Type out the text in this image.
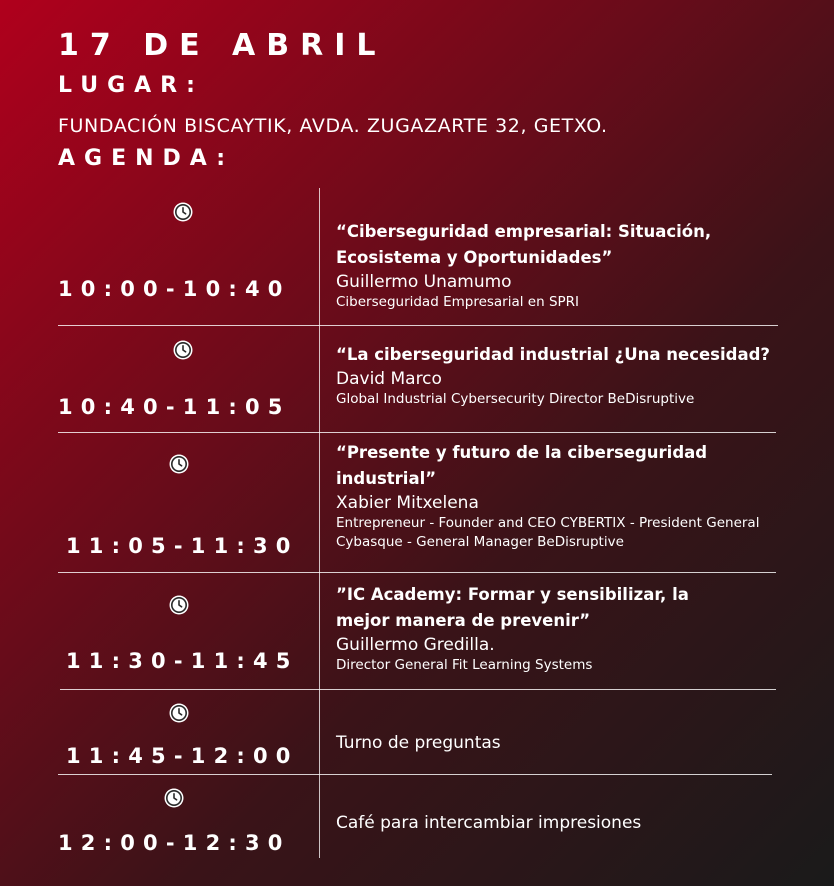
17 DE ABRIL
LUGAR:
FUNDACIÓN BISCAYTIK, AVDA. ZUGAZARTE 32, GETXO.
AGENDA:
10:00-10:40
“Ciberseguridad empresarial: Situación, Ecosistema y Oportunidades”
Guillermo Unamumo
Ciberseguridad Empresarial en SPRI
10:40-11:05
“La ciberseguridad industrial ¿Una necesidad?
David Marco
Global Industrial Cybersecurity Director BeDisruptive
11:05-11:30
“Presente y futuro de la ciberseguridad industrial”
Xabier Mitxelena
Entrepreneur - Founder and CEO CYBERTIX - President General Cybasque - General Manager BeDisruptive
11:30-11:45
”IC Academy: Formar y sensibilizar, la mejor manera de prevenir”
Guillermo Gredilla.
Director General Fit Learning Systems
11:45-12:00
Turno de preguntas
12:00-12:30
Café para intercambiar impresiones
